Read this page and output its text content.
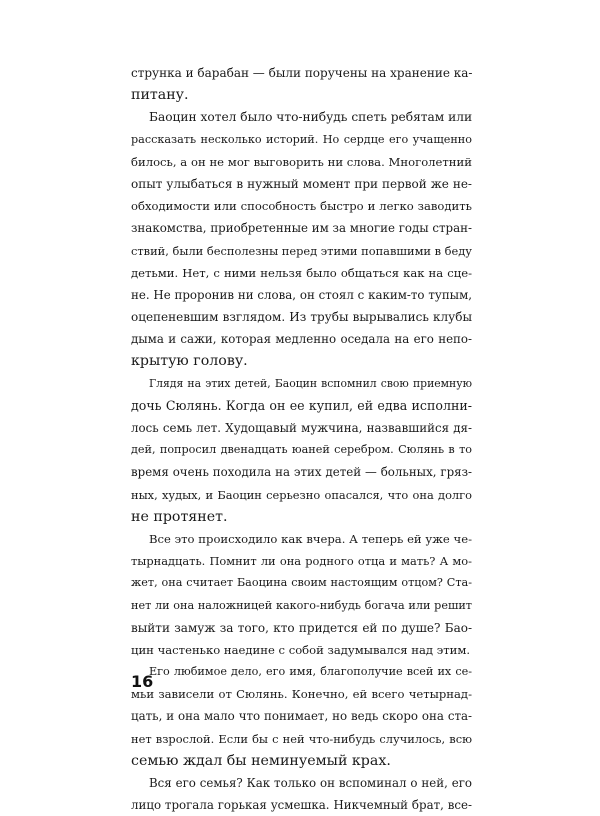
струнка и барабан — были поручены на хранение ка-
питану.
Баоцин хотел было что-нибудь спеть ребятам или
рассказать несколько историй. Но сердце его учащенно
билось, а он не мог выговорить ни слова. Многолетний
опыт улыбаться в нужный момент при первой же не-
обходимости или способность быстро и легко заводить
знакомства, приобретенные им за многие годы стран-
ствий, были бесполезны перед этими попавшими в беду
детьми. Нет, с ними нельзя было общаться как на сце-
не. Не проронив ни слова, он стоял с каким-то тупым,
оцепеневшим взглядом. Из трубы вырывались клубы
дыма и сажи, которая медленно оседала на его непо-
крытую голову.
Глядя на этих детей, Баоцин вспомнил свою приемную
дочь Сюлянь. Когда он ее купил, ей едва исполни-
лось семь лет. Худощавый мужчина, назвавшийся дя-
дей, попросил двенадцать юаней серебром. Сюлянь в то
время очень походила на этих детей — больных, гряз-
ных, худых, и Баоцин серьезно опасался, что она долго
не протянет.
Все это происходило как вчера. А теперь ей уже че-
тырнадцать. Помнит ли она родного отца и мать? А мо-
жет, она считает Баоцина своим настоящим отцом? Ста-
нет ли она наложницей какого-нибудь богача или решит
выйти замуж за того, кто придется ей по душе? Бао-
цин частенько наедине с собой задумывался над этим.
Его любимое дело, его имя, благополучие всей их се-
мьи зависели от Сюлянь. Конечно, ей всего четырнад-
цать, и она мало что понимает, но ведь скоро она ста-
нет взрослой. Если бы с ней что-нибудь случилось, всю
семью ждал бы неминуемый крах.
Вся его семья? Как только он вспоминал о ней, его
лицо трогала горькая усмешка. Никчемный брат, все-
16
